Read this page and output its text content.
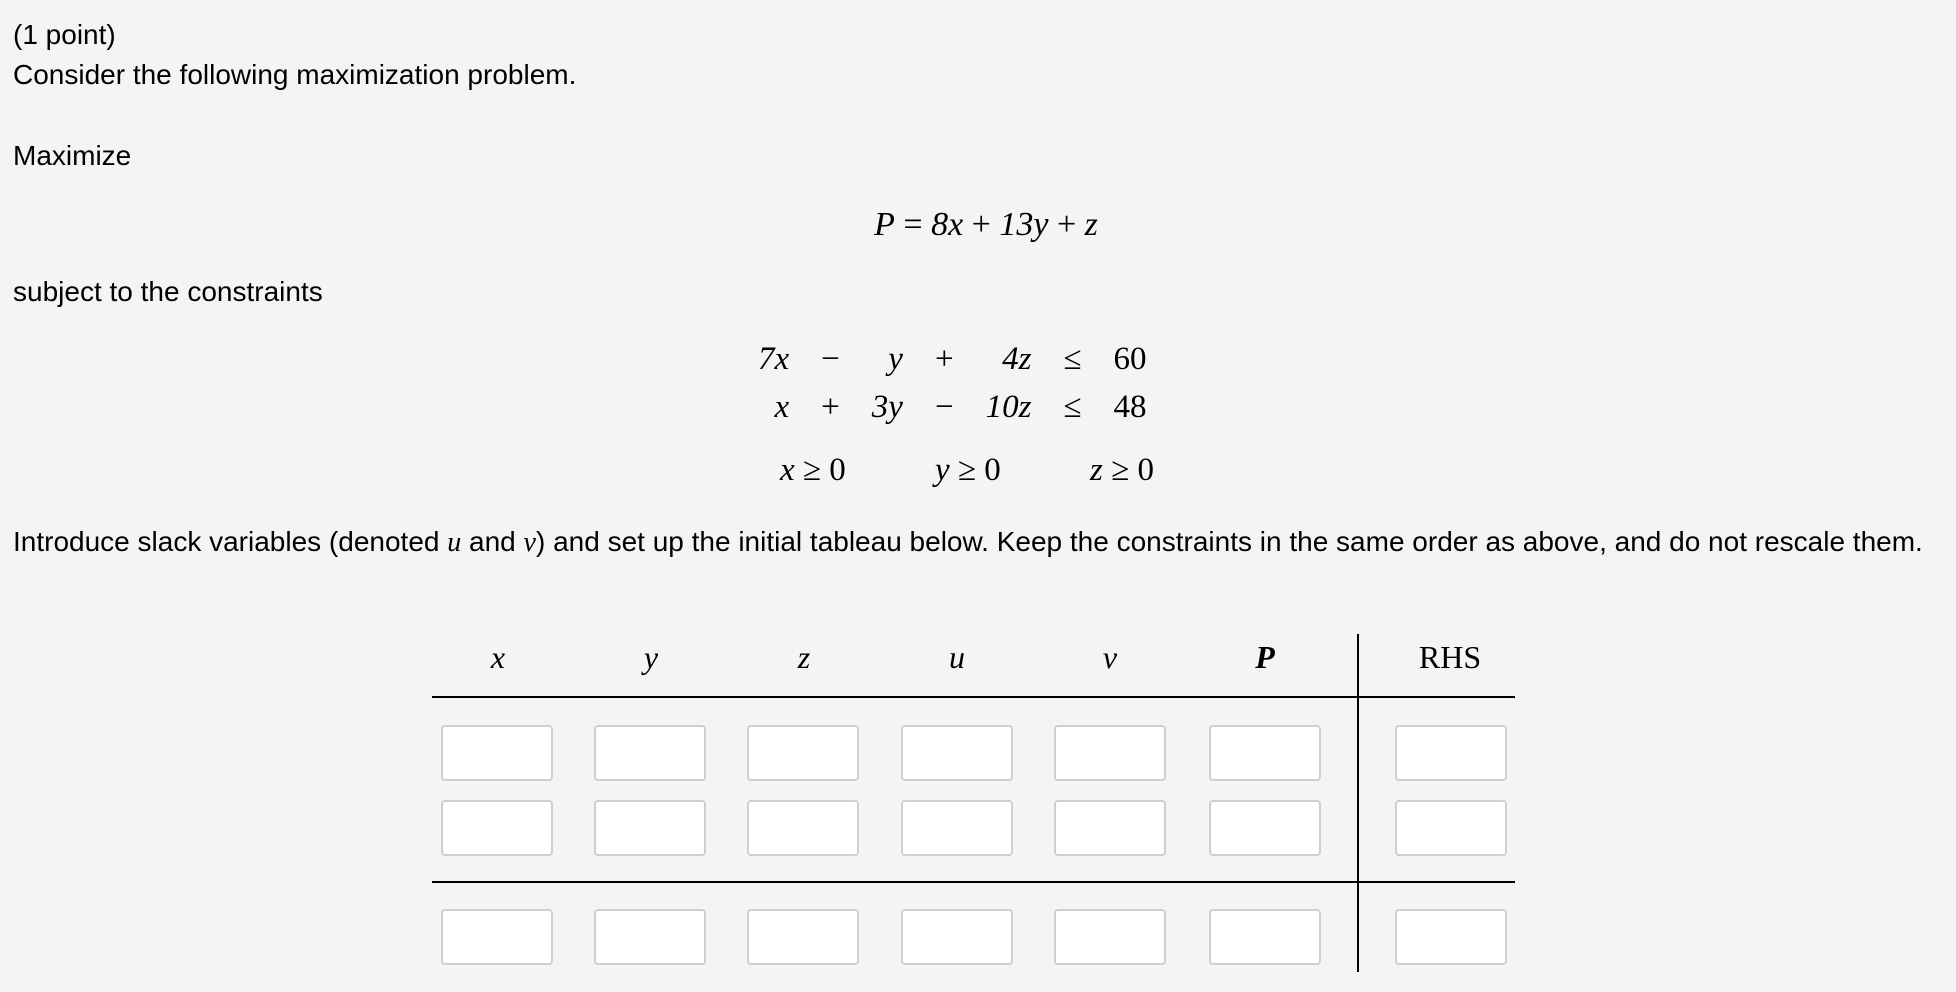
(1 point)

Consider the following maximization problem.

Maximize

P = 8x + 13y + z

subject to the constraints

7x	−	y	+	4z	≤	60
x	+	3y	−	10z	≤	48
x ≥ 0	y ≥ 0	z ≥ 0

Introduce slack variables (denoted u and v) and set up the initial tableau below. Keep the constraints in the same order as above, and do not rescale them.

x	y	z	u	v	P	RHS
